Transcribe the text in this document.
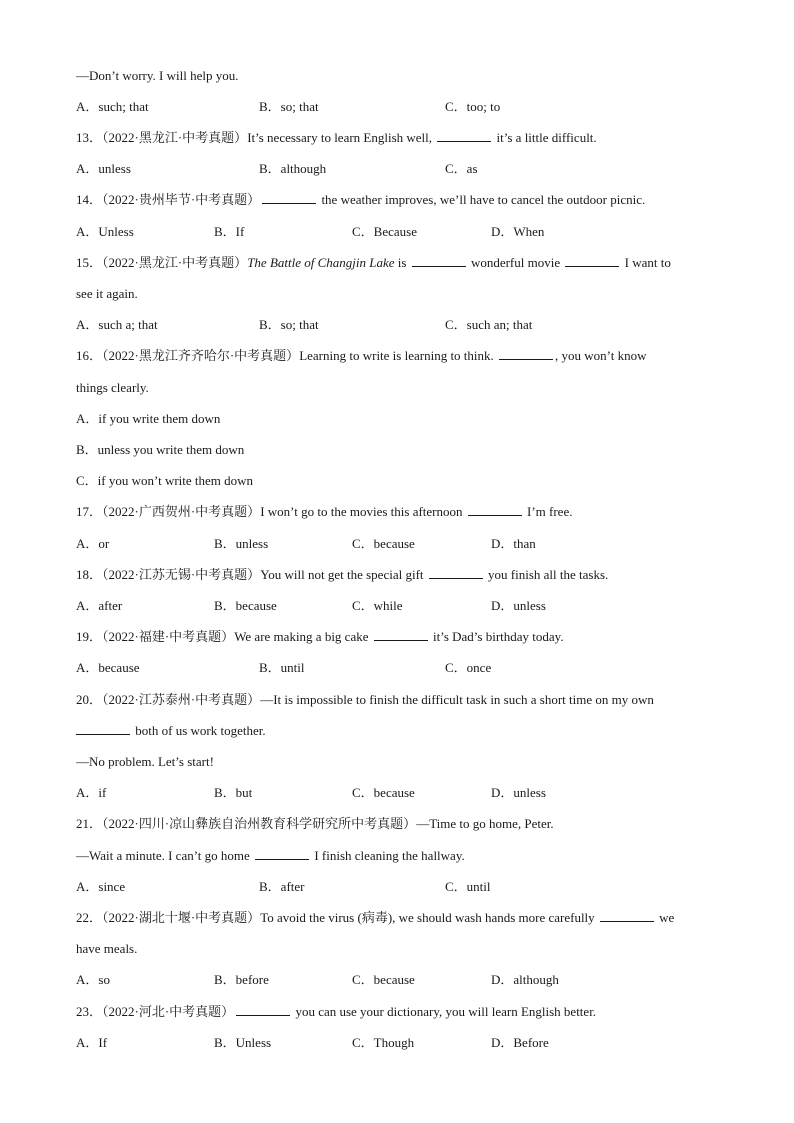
—Don’t worry. I will help you.
A．such; that	B．so; that	C．too; to
13．（2022·黑龙江·中考真题）It’s necessary to learn English well,	it’s a little difficult.
A．unless	B．although	C．as
14．（2022·贵州毕节·中考真题）	the weather improves, we’ll have to cancel the outdoor picnic.
A．Unless	B．If	C．Because	D．When
15．（2022·黑龙江·中考真题）The Battle of Changjin Lake is	wonderful movie	I want to
see it again.
A．such a; that	B．so; that	C．such an; that
16．（2022·黑龙江齐齐哈尔·中考真题）Learning to write is learning to think.	, you won’t know
things clearly.
A．if you write them down
B．unless you write them down
C．if you won’t write them down
17．（2022·广西贺州·中考真题）I won’t go to the movies this afternoon	I’m free.
A．or	B．unless	C．because	D．than
18．（2022·江苏无锡·中考真题）You will not get the special gift	you finish all the tasks.
A．after	B．because	C．while	D．unless
19．（2022·福建·中考真题）We are making a big cake	it’s Dad’s birthday today.
A．because	B．until	C．once
20．（2022·江苏泰州·中考真题）—It is impossible to finish the difficult task in such a short time on my own
both of us work together.
—No problem. Let’s start!
A．if	B．but	C．because	D．unless
21．（2022·四川·凉山彝族自治州教育科学研究所中考真题）—Time to go home, Peter.
—Wait a minute. I can’t go home	I finish cleaning the hallway.
A．since	B．after	C．until
22．（2022·湖北十堰·中考真题）To avoid the virus (病毒), we should wash hands more carefully	we
have meals.
A．so	B．before	C．because	D．although
23．（2022·河北·中考真题）	you can use your dictionary, you will learn English better.
A．If	B．Unless	C．Though	D．Before
